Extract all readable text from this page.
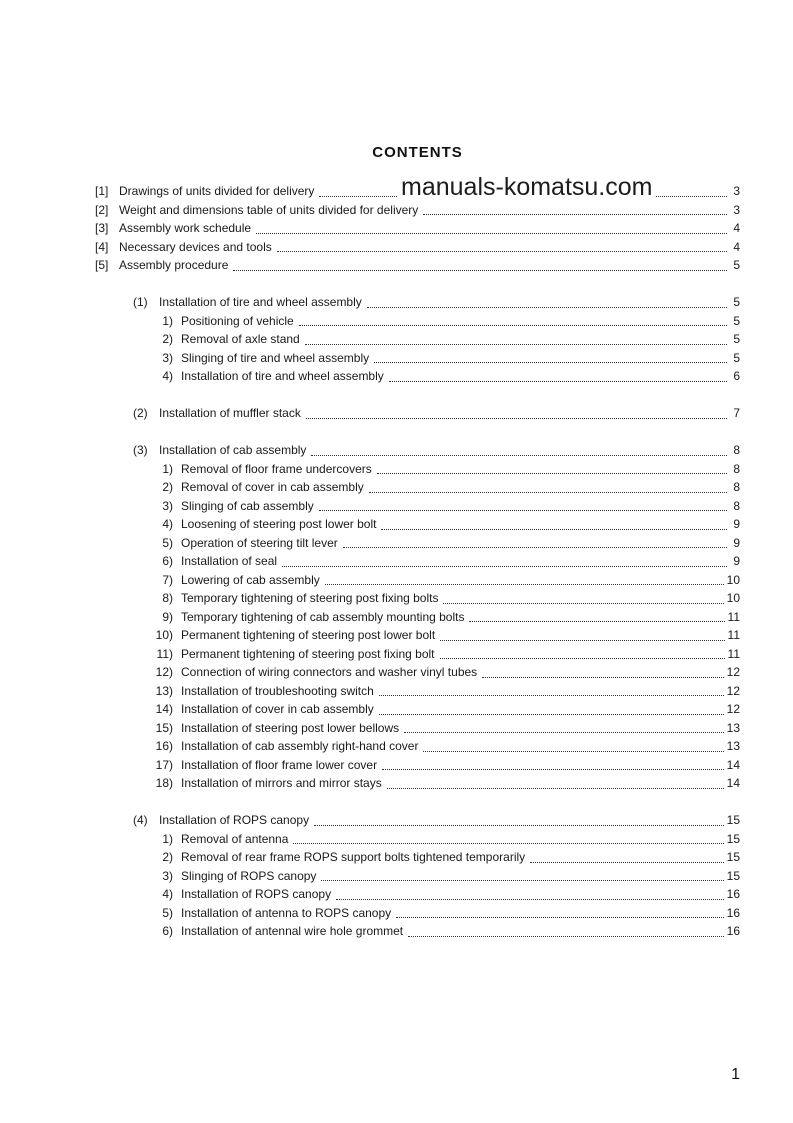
CONTENTS
manuals-komatsu.com
[1] Drawings of units divided for delivery	3
[2] Weight and dimensions table of units divided for delivery	3
[3] Assembly work schedule	4
[4] Necessary devices and tools	4
[5] Assembly procedure	5
(1) Installation of tire and wheel assembly	5
1) Positioning of vehicle	5
2) Removal of axle stand	5
3) Slinging of tire and wheel assembly	5
4) Installation of tire and wheel assembly	6
(2) Installation of muffler stack	7
(3) Installation of cab assembly	8
1) Removal of floor frame undercovers	8
2) Removal of cover in cab assembly	8
3) Slinging of cab assembly	8
4) Loosening of steering post lower bolt	9
5) Operation of steering tilt lever	9
6) Installation of seal	9
7) Lowering of cab assembly	10
8) Temporary tightening of steering post fixing bolts	10
9) Temporary tightening of cab assembly mounting bolts	11
10) Permanent tightening of steering post lower bolt	11
11) Permanent tightening of steering post fixing bolt	11
12) Connection of wiring connectors and washer vinyl tubes	12
13) Installation of troubleshooting switch	12
14) Installation of cover in cab assembly	12
15) Installation of steering post lower bellows	13
16) Installation of cab assembly right-hand cover	13
17) Installation of floor frame lower cover	14
18) Installation of mirrors and mirror stays	14
(4) Installation of ROPS canopy	15
1) Removal of antenna	15
2) Removal of rear frame ROPS support bolts tightened temporarily	15
3) Slinging of ROPS canopy	15
4) Installation of ROPS canopy	16
5) Installation of antenna to ROPS canopy	16
6) Installation of antennal wire hole grommet	16
1
